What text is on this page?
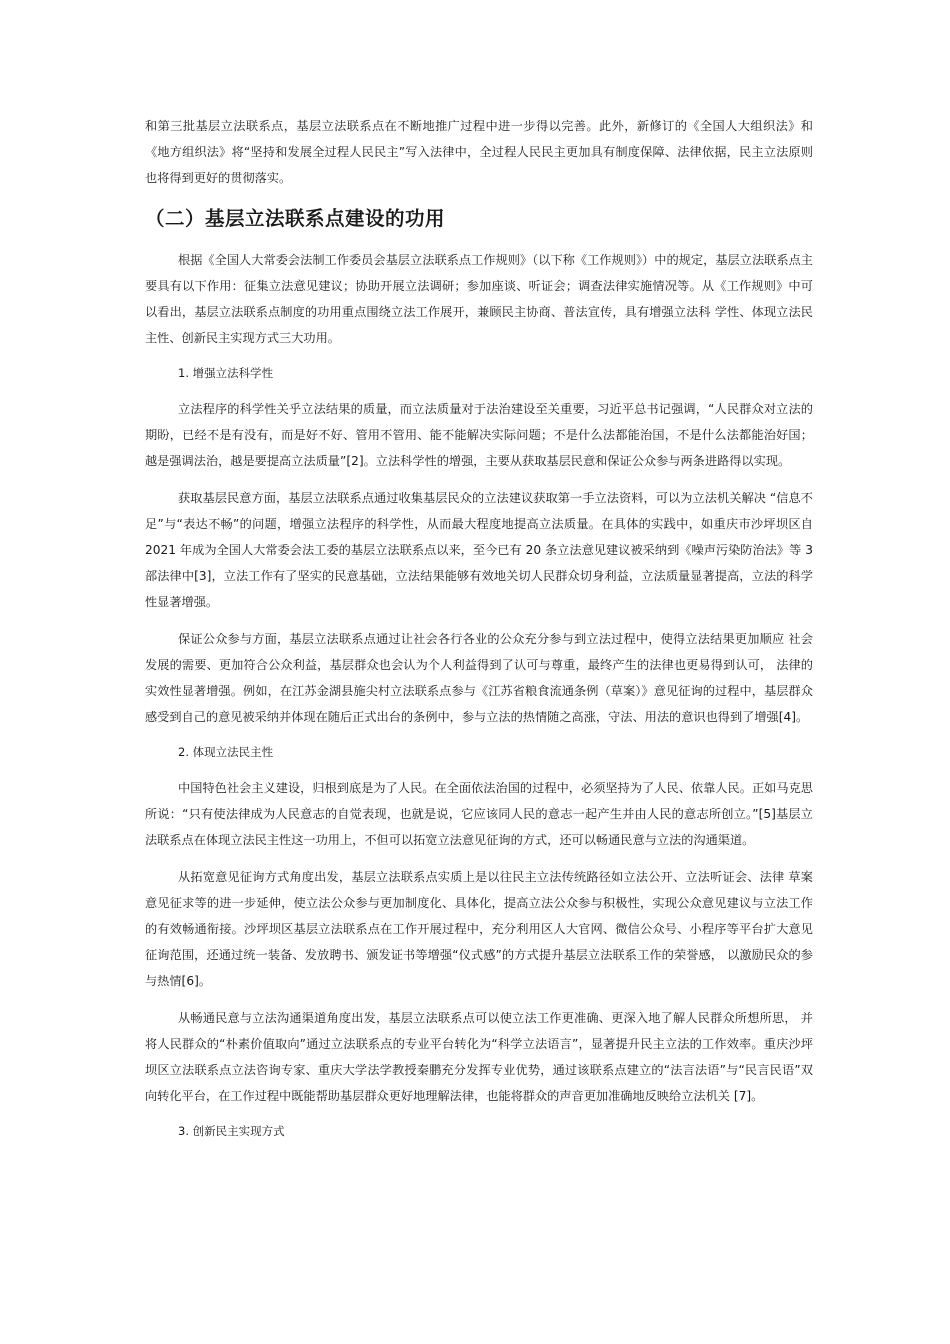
和第三批基层立法联系点，基层立法联系点在不断地推广过程中进一步得以完善。此外，新修订的《全国人大组织法》和《地方组织法》将“坚持和发展全过程人民民主”写入法律中，全过程人民民主更加具有制度保障、法律依据，民主立法原则也将得到更好的贯彻落实。

（二）基层立法联系点建设的功用

根据《全国人大常委会法制工作委员会基层立法联系点工作规则》（以下称《工作规则》）中的规定，基层立法联系点主要具有以下作用：征集立法意见建议；协助开展立法调研；参加座谈、听证会；调查法律实施情况等。从《工作规则》中可以看出，基层立法联系点制度的功用重点围绕立法工作展开，兼顾民主协商、普法宣传，具有增强立法科 学性、体现立法民主性、创新民主实现方式三大功用。

1. 增强立法科学性

立法程序的科学性关乎立法结果的质量，而立法质量对于法治建设至关重要，习近平总书记强调，“人民群众对立法的期盼，已经不是有没有，而是好不好、管用不管用、能不能解决实际问题；不是什么法都能治国，不是什么法都能治好国；越是强调法治，越是要提高立法质量”[2]。立法科学性的增强，主要从获取基层民意和保证公众参与两条进路得以实现。

获取基层民意方面，基层立法联系点通过收集基层民众的立法建议获取第一手立法资料，可以为立法机关解决 “信息不足”与“表达不畅”的问题，增强立法程序的科学性，从而最大程度地提高立法质量。在具体的实践中，如重庆市沙坪坝区自 2021 年成为全国人大常委会法工委的基层立法联系点以来，至今已有 20 条立法意见建议被采纳到《噪声污染防治法》等 3 部法律中[3]，立法工作有了坚实的民意基础，立法结果能够有效地关切人民群众切身利益，立法质量显著提高，立法的科学性显著增强。

保证公众参与方面，基层立法联系点通过让社会各行各业的公众充分参与到立法过程中，使得立法结果更加顺应 社会发展的需要、更加符合公众利益，基层群众也会认为个人利益得到了认可与尊重，最终产生的法律也更易得到认可， 法律的实效性显著增强。例如，在江苏金湖县施尖村立法联系点参与《江苏省粮食流通条例（草案）》意见征询的过程中，基层群众感受到自己的意见被采纳并体现在随后正式出台的条例中，参与立法的热情随之高涨，守法、用法的意识也得到了增强[4]。

2. 体现立法民主性

中国特色社会主义建设，归根到底是为了人民。在全面依法治国的过程中，必须坚持为了人民、依靠人民。正如马克思所说：“只有使法律成为人民意志的自觉表现，也就是说，它应该同人民的意志一起产生并由人民的意志所创立。”[5]基层立法联系点在体现立法民主性这一功用上，不但可以拓宽立法意见征询的方式，还可以畅通民意与立法的沟通渠道。

从拓宽意见征询方式角度出发，基层立法联系点实质上是以往民主立法传统路径如立法公开、立法听证会、法律 草案意见征求等的进一步延伸，使立法公众参与更加制度化、具体化，提高立法公众参与积极性，实现公众意见建议与立法工作的有效畅通衔接。沙坪坝区基层立法联系点在工作开展过程中，充分利用区人大官网、微信公众号、小程序等平台扩大意见征询范围，还通过统一装备、发放聘书、颁发证书等增强“仪式感”的方式提升基层立法联系工作的荣誉感， 以激励民众的参与热情[6]。

从畅通民意与立法沟通渠道角度出发，基层立法联系点可以使立法工作更准确、更深入地了解人民群众所想所思， 并将人民群众的“朴素价值取向”通过立法联系点的专业平台转化为“科学立法语言”，显著提升民主立法的工作效率。重庆沙坪坝区立法联系点立法咨询专家、重庆大学法学教授秦鹏充分发挥专业优势，通过该联系点建立的“法言法语”与“民言民语”双向转化平台，在工作过程中既能帮助基层群众更好地理解法律，也能将群众的声音更加准确地反映给立法机关 [7]。

3. 创新民主实现方式
